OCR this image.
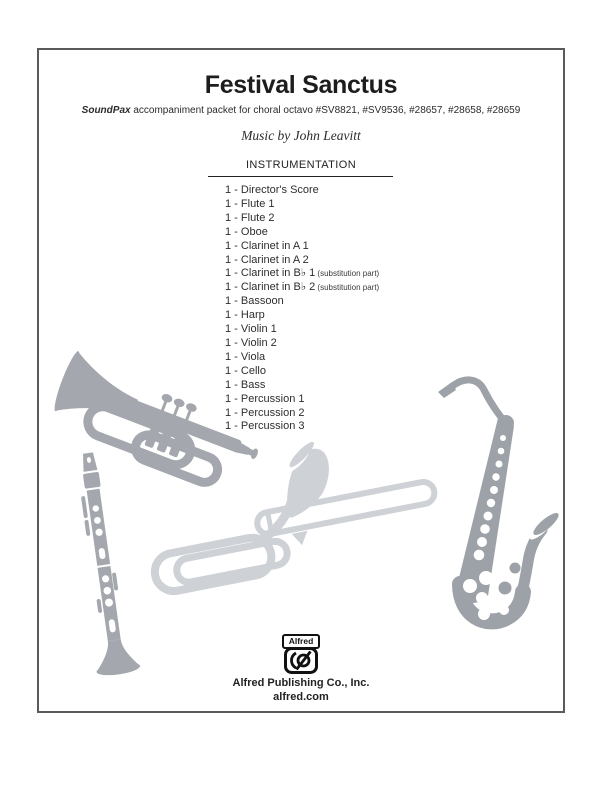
Festival Sanctus
SoundPax accompaniment packet for choral octavo #SV8821, #SV9536, #28657, #28658, #28659
Music by John Leavitt
INSTRUMENTATION
1 - Director's Score
1 - Flute 1
1 - Flute 2
1 - Oboe
1 - Clarinet in A 1
1 - Clarinet in A 2
1 - Clarinet in B♭ 1 (substitution part)
1 - Clarinet in B♭ 2 (substitution part)
1 - Bassoon
1 - Harp
1 - Violin 1
1 - Violin 2
1 - Viola
1 - Cello
1 - Bass
1 - Percussion 1
1 - Percussion 2
1 - Percussion 3
Alfred
Alfred Publishing Co., Inc.
alfred.com
